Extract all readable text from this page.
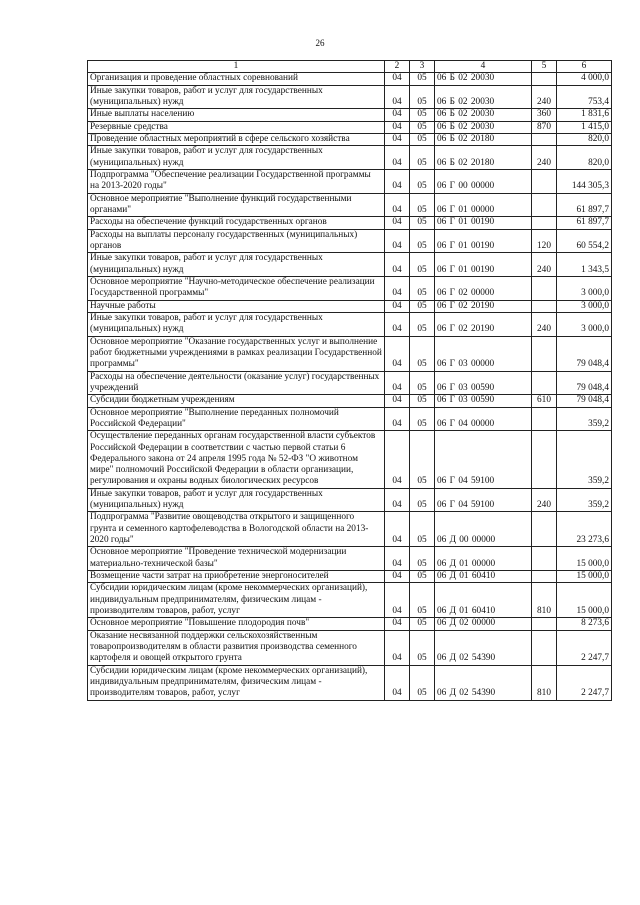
26
1	2	3	4	5	6
Организация и проведение областных соревнований	04	05	06 Б 02 20030		4 000,0
Иные закупки товаров, работ и услуг для государственных (муниципальных) нужд	04	05	06 Б 02 20030	240	753,4
Иные выплаты населению	04	05	06 Б 02 20030	360	1 831,6
Резервные средства	04	05	06 Б 02 20030	870	1 415,0
Проведение областных мероприятий в сфере сельского хозяйства	04	05	06 Б 02 20180		820,0
Иные закупки товаров, работ и услуг для государственных (муниципальных) нужд	04	05	06 Б 02 20180	240	820,0
Подпрограмма "Обеспечение реализации Государственной программы на 2013-2020 годы"	04	05	06 Г 00 00000		144 305,3
Основное мероприятие "Выполнение функций государственными органами"	04	05	06 Г 01 00000		61 897,7
Расходы на обеспечение функций государственных органов	04	05	06 Г 01 00190		61 897,7
Расходы на выплаты персоналу государственных (муниципальных) органов	04	05	06 Г 01 00190	120	60 554,2
Иные закупки товаров, работ и услуг для государственных (муниципальных) нужд	04	05	06 Г 01 00190	240	1 343,5
Основное мероприятие "Научно-методическое обеспечение реализации Государственной программы"	04	05	06 Г 02 00000		3 000,0
Научные работы	04	05	06 Г 02 20190		3 000,0
Иные закупки товаров, работ и услуг для государственных (муниципальных) нужд	04	05	06 Г 02 20190	240	3 000,0
Основное мероприятие "Оказание государственных услуг и выполнение работ бюджетными учреждениями в рамках реализации Государственной программы"	04	05	06 Г 03 00000		79 048,4
Расходы на обеспечение деятельности (оказание услуг) государственных учреждений	04	05	06 Г 03 00590		79 048,4
Субсидии бюджетным учреждениям	04	05	06 Г 03 00590	610	79 048,4
Основное мероприятие "Выполнение переданных полномочий Российской Федерации"	04	05	06 Г 04 00000		359,2
Осуществление переданных органам государственной власти субъектов Российской Федерации в соответствии с частью первой статьи 6 Федерального закона от 24 апреля 1995 года № 52-ФЗ "О животном мире" полномочий Российской Федерации в области организации, регулирования и охраны водных биологических ресурсов	04	05	06 Г 04 59100		359,2
Иные закупки товаров, работ и услуг для государственных (муниципальных) нужд	04	05	06 Г 04 59100	240	359,2
Подпрограмма "Развитие овощеводства открытого и защищенного грунта и семенного картофелеводства в Вологодской области на 2013-2020 годы"	04	05	06 Д 00 00000		23 273,6
Основное мероприятие "Проведение технической модернизации материально-технической базы"	04	05	06 Д 01 00000		15 000,0
Возмещение части затрат на приобретение энергоносителей	04	05	06 Д 01 60410		15 000,0
Субсидии юридическим лицам (кроме некоммерческих организаций), индивидуальным предпринимателям, физическим лицам - производителям товаров, работ, услуг	04	05	06 Д 01 60410	810	15 000,0
Основное мероприятие "Повышение плодородия почв"	04	05	06 Д 02 00000		8 273,6
Оказание несвязанной поддержки сельскохозяйственным товаропроизводителям в области развития производства семенного картофеля и овощей открытого грунта	04	05	06 Д 02 54390		2 247,7
Субсидии юридическим лицам (кроме некоммерческих организаций), индивидуальным предпринимателям, физическим лицам - производителям товаров, работ, услуг	04	05	06 Д 02 54390	810	2 247,7
